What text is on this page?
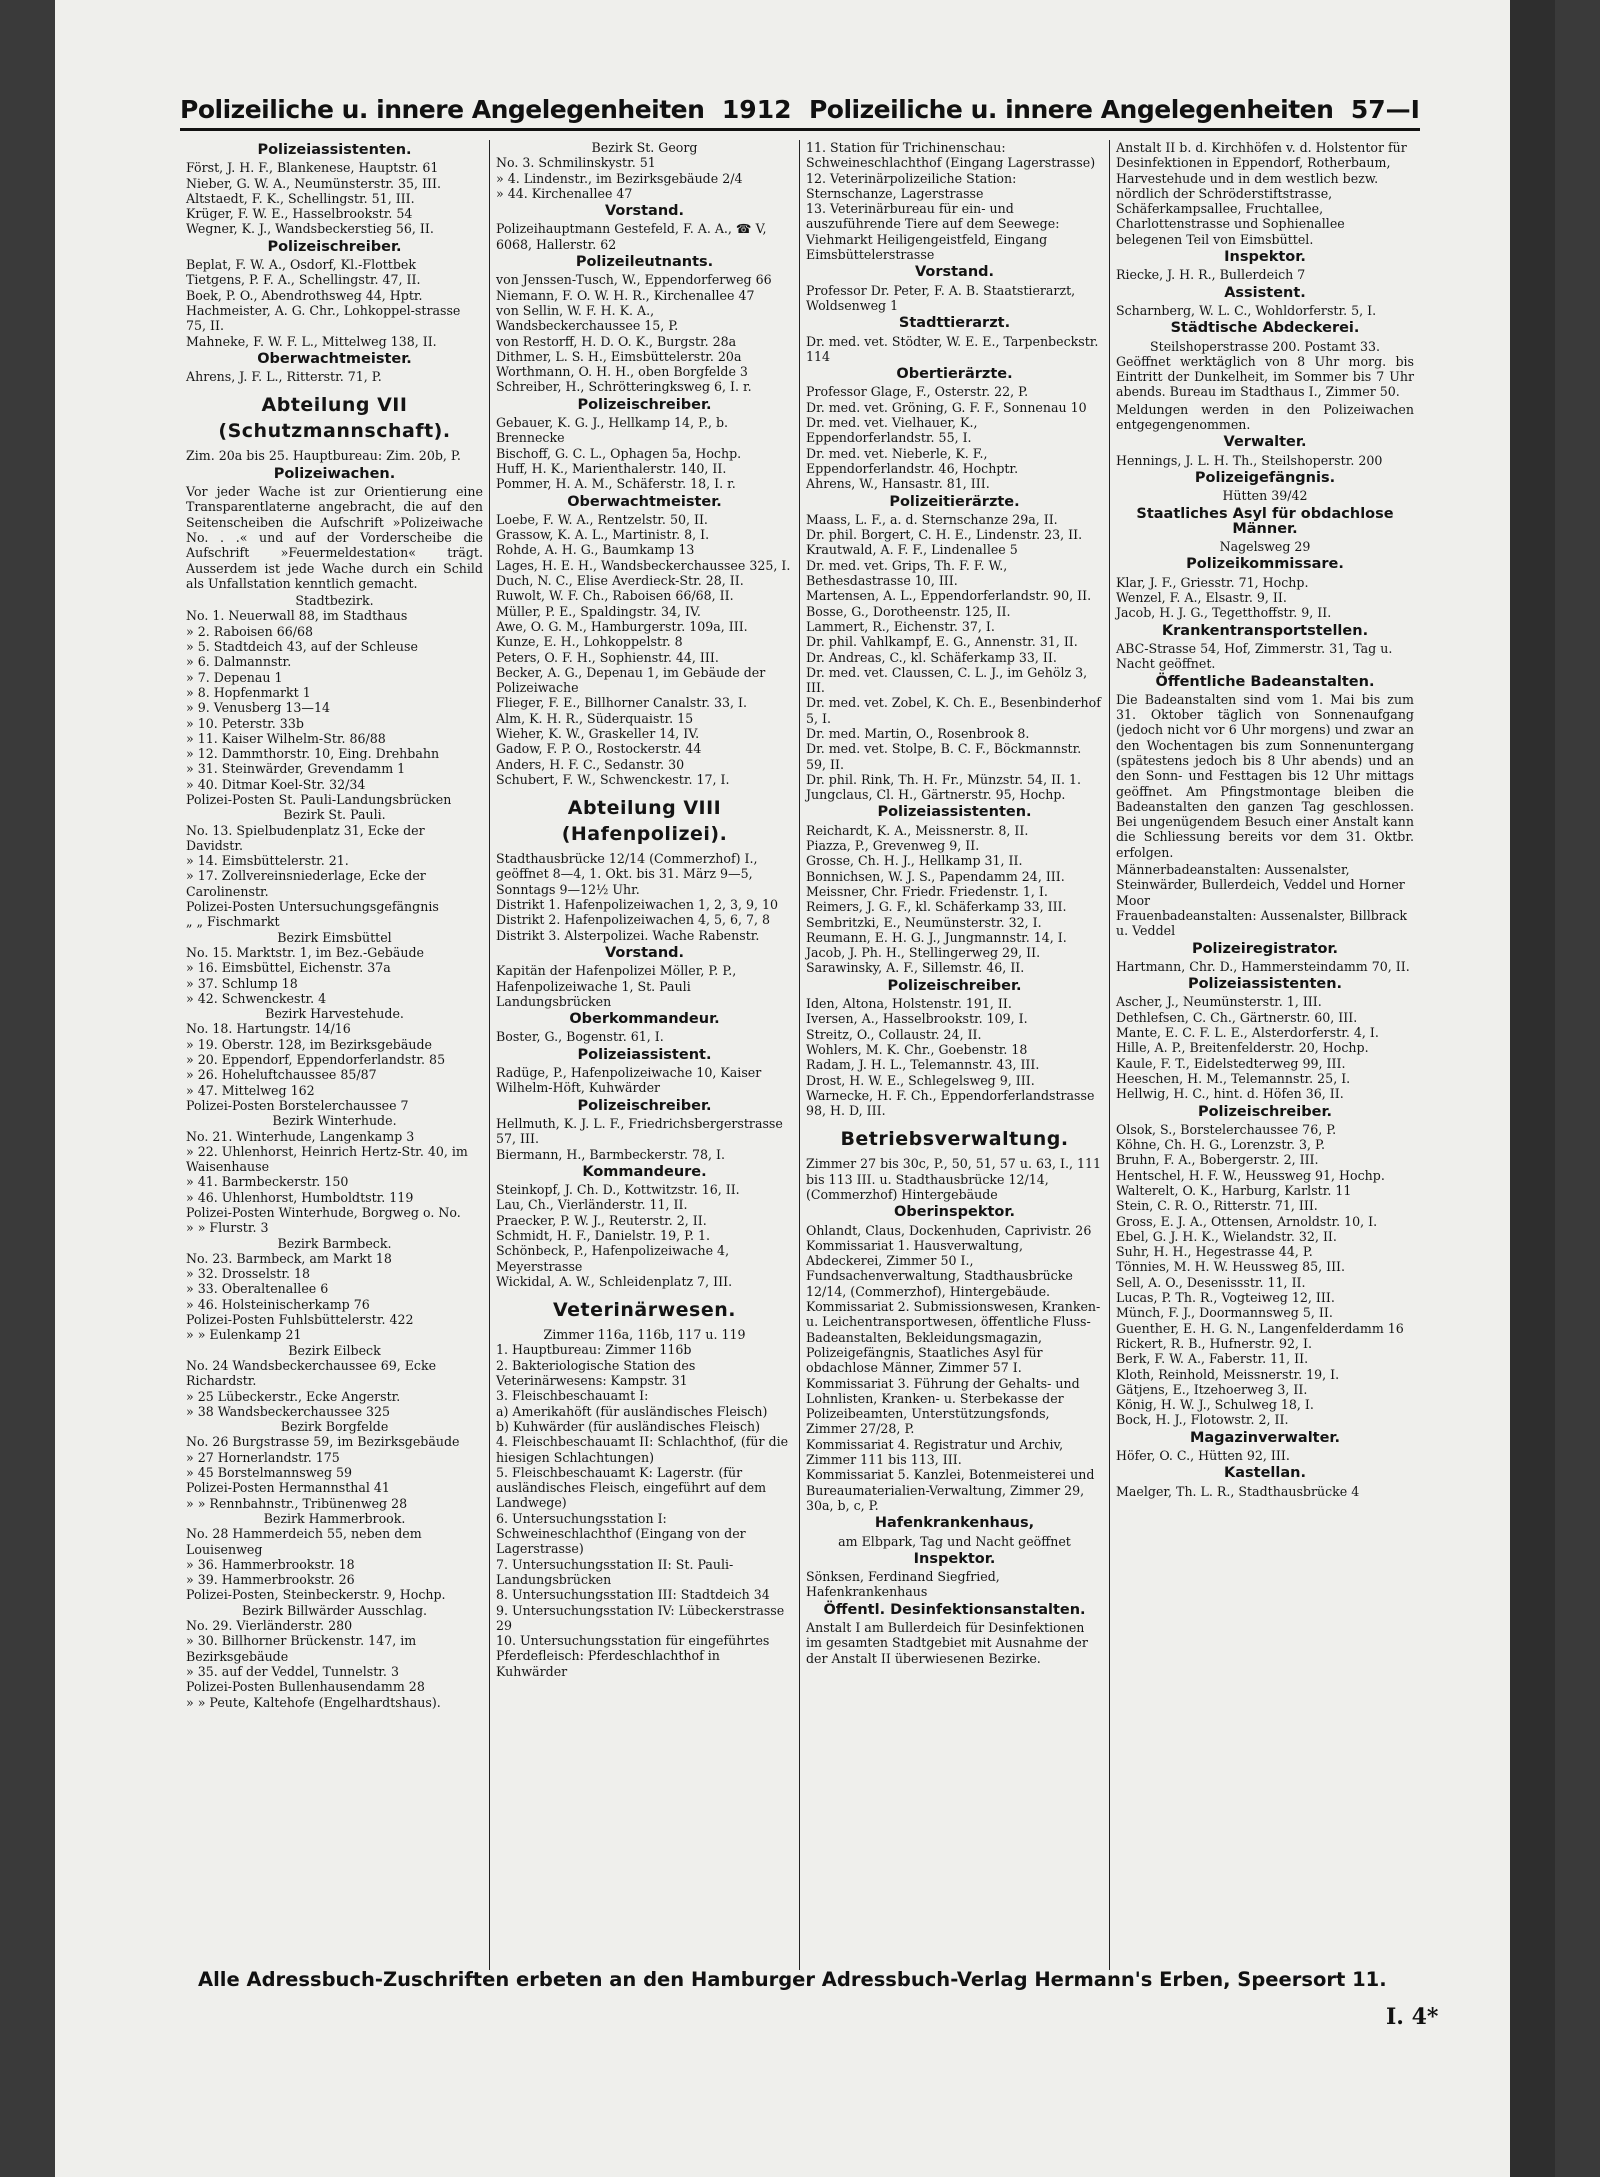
Polizeiliche u. innere Angelegenheiten 1912 Polizeiliche u. innere Angelegenheiten 57—I
Polizeiassistenten.
Först, J. H. F., Blankenese, Hauptstr. 61
Nieber, G. W. A., Neumünsterstr. 35, III.
Altstaedt, F. K., Schellingstr. 51, III.
Krüger, F. W. E., Hasselbrookstr. 54
Wegner, K. J., Wandsbeckerstieg 56, II.
Polizeischreiber.
Beplat, F. W. A., Osdorf, Kl.-Flottbek
Tietgens, P. F. A., Schellingstr. 47, II.
Boek, P. O., Abendrothsweg 44, Hptr.
Hachmeister, A. G. Chr., Lohkoppel-strasse 75, II.
Mahneke, F. W. F. L., Mittelweg 138, II.
Oberwachtmeister.
Ahrens, J. F. L., Ritterstr. 71, P.
Abteilung VII (Schutzmannschaft).
Zim. 20a bis 25. Hauptbureau: Zim. 20b, P.
Polizeiwachen.
Vor jeder Wache ist zur Orientierung eine Transparentlaterne angebracht, die auf den Seitenscheiben die Aufschrift »Polizeiwache No. . .« und auf der Vorderscheibe die Aufschrift »Feuermeldestation« trägt. Ausserdem ist jede Wache durch ein Schild als Unfallstation kenntlich gemacht.
Stadtbezirk.
No. 1. Neuerwall 88, im Stadthaus
» 2. Raboisen 66/68
» 5. Stadtdeich 43, auf der Schleuse
» 6. Dalmannstr.
» 7. Depenau 1
» 8. Hopfenmarkt 1
» 9. Venusberg 13—14
» 10. Peterstr. 33b
» 11. Kaiser Wilhelm-Str. 86/88
» 12. Dammthorstr. 10, Eing. Drehbahn
» 31. Steinwärder, Grevendamm 1
» 40. Ditmar Koel-Str. 32/34
Polizei-Posten St. Pauli-Landungsbrücken
Bezirk St. Pauli.
No. 13. Spielbudenplatz 31, Ecke der Davidstr.
» 14. Eimsbüttelerstr. 21.
» 17. Zollvereinsniederlage, Ecke der Carolinenstr.
Polizei-Posten Untersuchungsgefängnis
„ „ Fischmarkt
Bezirk Eimsbüttel
No. 15. Marktstr. 1, im Bez.-Gebäude
» 16. Eimsbüttel, Eichenstr. 37a
» 37. Schlump 18
» 42. Schwenckestr. 4
Bezirk Harvestehude.
No. 18. Hartungstr. 14/16
» 19. Oberstr. 128, im Bezirksgebäude
» 20. Eppendorf, Eppendorferlandstr. 85
» 26. Hoheluftchaussee 85/87
» 47. Mittelweg 162
Polizei-Posten Borstelerchaussee 7
Bezirk Winterhude.
No. 21. Winterhude, Langenkamp 3
» 22. Uhlenhorst, Heinrich Hertz-Str. 40, im Waisenhause
» 41. Barmbeckerstr. 150
» 46. Uhlenhorst, Humboldtstr. 119
Polizei-Posten Winterhude, Borgweg o. No.
» » Flurstr. 3
Bezirk Barmbeck.
No. 23. Barmbeck, am Markt 18
» 32. Drosselstr. 18
» 33. Oberaltenallee 6
» 46. Holsteinischerkamp 76
Polizei-Posten Fuhlsbüttelerstr. 422
» » Eulenkamp 21
Bezirk Eilbeck
No. 24 Wandsbeckerchaussee 69, Ecke Richardstr.
» 25 Lübeckerstr., Ecke Angerstr.
» 38 Wandsbeckerchaussee 325
Bezirk Borgfelde
No. 26 Burgstrasse 59, im Bezirksgebäude
» 27 Hornerlandstr. 175
» 45 Borstelmannsweg 59
Polizei-Posten Hermannsthal 41
» » Rennbahnstr., Tribünenweg 28
Bezirk Hammerbrook.
No. 28 Hammerdeich 55, neben dem Louisenweg
» 36. Hammerbrookstr. 18
» 39. Hammerbrookstr. 26
Polizei-Posten, Steinbeckerstr. 9, Hochp.
Bezirk Billwärder Ausschlag.
No. 29. Vierländerstr. 280
» 30. Billhorner Brückenstr. 147, im Bezirksgebäude
» 35. auf der Veddel, Tunnelstr. 3
Polizei-Posten Bullenhausendamm 28
» » Peute, Kaltehofe (Engelhardtshaus).
Bezirk St. Georg
No. 3. Schmilinskystr. 51
» 4. Lindenstr., im Bezirksgebäude 2/4
» 44. Kirchenallee 47
Vorstand.
Polizeihauptmann Gestefeld, F. A. A., ☎ V, 6068, Hallerstr. 62
Polizeileutnants.
von Jenssen-Tusch, W., Eppendorferweg 66
Niemann, F. O. W. H. R., Kirchenallee 47
von Sellin, W. F. H. K. A., Wandsbeckerchaussee 15, P.
von Restorff, H. D. O. K., Burgstr. 28a
Dithmer, L. S. H., Eimsbüttelerstr. 20a
Worthmann, O. H. H., oben Borgfelde 3
Schreiber, H., Schrötteringksweg 6, I. r.
Polizeischreiber.
Gebauer, K. G. J., Hellkamp 14, P., b. Brennecke
Bischoff, G. C. L., Ophagen 5a, Hochp.
Huff, H. K., Marienthalerstr. 140, II.
Pommer, H. A. M., Schäferstr. 18, I. r.
Oberwachtmeister.
Loebe, F. W. A., Rentzelstr. 50, II.
Grassow, K. A. L., Martinistr. 8, I.
Rohde, A. H. G., Baumkamp 13
Lages, H. E. H., Wandsbeckerchaussee 325, I.
Duch, N. C., Elise Averdieck-Str. 28, II.
Ruwolt, W. F. Ch., Raboisen 66/68, II.
Müller, P. E., Spaldingstr. 34, IV.
Awe, O. G. M., Hamburgerstr. 109a, III.
Kunze, E. H., Lohkoppelstr. 8
Peters, O. F. H., Sophienstr. 44, III.
Becker, A. G., Depenau 1, im Gebäude der Polizeiwache
Flieger, F. E., Billhorner Canalstr. 33, I.
Alm, K. H. R., Süderquaistr. 15
Wieher, K. W., Graskeller 14, IV.
Gadow, F. P. O., Rostockerstr. 44
Anders, H. F. C., Sedanstr. 30
Schubert, F. W., Schwenckestr. 17, I.
Abteilung VIII (Hafenpolizei).
Stadthausbrücke 12/14 (Commerzhof) I., geöffnet 8—4, 1. Okt. bis 31. März 9—5, Sonntags 9—12½ Uhr.
Distrikt 1. Hafenpolizeiwachen 1, 2, 3, 9, 10
Distrikt 2. Hafenpolizeiwachen 4, 5, 6, 7, 8
Distrikt 3. Alsterpolizei. Wache Rabenstr.
Vorstand.
Kapitän der Hafenpolizei Möller, P. P., Hafenpolizeiwache 1, St. Pauli Landungsbrücken
Oberkommandeur.
Boster, G., Bogenstr. 61, I.
Polizeiassistent.
Radüge, P., Hafenpolizeiwache 10, Kaiser Wilhelm-Höft, Kuhwärder
Polizeischreiber.
Hellmuth, K. J. L. F., Friedrichsbergerstrasse 57, III.
Biermann, H., Barmbeckerstr. 78, I.
Kommandeure.
Steinkopf, J. Ch. D., Kottwitzstr. 16, II.
Lau, Ch., Vierländerstr. 11, II.
Praecker, P. W. J., Reuterstr. 2, II.
Schmidt, H. F., Danielstr. 19, P. 1.
Schönbeck, P., Hafenpolizeiwache 4, Meyerstrasse
Wickidal, A. W., Schleidenplatz 7, III.
Veterinärwesen.
Zimmer 116a, 116b, 117 u. 119
1. Hauptbureau: Zimmer 116b
2. Bakteriologische Station des Veterinärwesens: Kampstr. 31
3. Fleischbeschauamt I:
a) Amerikahöft (für ausländisches Fleisch)
b) Kuhwärder (für ausländisches Fleisch)
4. Fleischbeschauamt II: Schlachthof, (für die hiesigen Schlachtungen)
5. Fleischbeschauamt K: Lagerstr. (für ausländisches Fleisch, eingeführt auf dem Landwege)
6. Untersuchungsstation I: Schweineschlachthof (Eingang von der Lagerstrasse)
7. Untersuchungsstation II: St. Pauli-Landungsbrücken
8. Untersuchungsstation III: Stadtdeich 34
9. Untersuchungsstation IV: Lübeckerstrasse 29
10. Untersuchungsstation für eingeführtes Pferdefleisch: Pferdeschlachthof in Kuhwärder
11. Station für Trichinenschau: Schweineschlachthof (Eingang Lagerstrasse)
12. Veterinärpolizeiliche Station: Sternschanze, Lagerstrasse
13. Veterinärbureau für ein- und auszuführende Tiere auf dem Seewege: Viehmarkt Heiligengeistfeld, Eingang Eimsbüttelerstrasse
Vorstand.
Professor Dr. Peter, F. A. B. Staatstierarzt, Woldsenweg 1
Stadttierarzt.
Dr. med. vet. Stödter, W. E. E., Tarpenbeckstr. 114
Obertierärzte.
Professor Glage, F., Osterstr. 22, P.
Dr. med. vet. Gröning, G. F. F., Sonnenau 10
Dr. med. vet. Vielhauer, K., Eppendorferlandstr. 55, I.
Dr. med. vet. Nieberle, K. F., Eppendorferlandstr. 46, Hochptr.
Ahrens, W., Hansastr. 81, III.
Polizeitierärzte.
Maass, L. F., a. d. Sternschanze 29a, II.
Dr. phil. Borgert, C. H. E., Lindenstr. 23, II.
Krautwald, A. F. F., Lindenallee 5
Dr. med. vet. Grips, Th. F. F. W., Bethesdastrasse 10, III.
Martensen, A. L., Eppendorferlandstr. 90, II.
Bosse, G., Dorotheenstr. 125, II.
Lammert, R., Eichenstr. 37, I.
Dr. phil. Vahlkampf, E. G., Annenstr. 31, II.
Dr. Andreas, C., kl. Schäferkamp 33, II.
Dr. med. vet. Claussen, C. L. J., im Gehölz 3, III.
Dr. med. vet. Zobel, K. Ch. E., Besenbinderhof 5, I.
Dr. med. Martin, O., Rosenbrook 8.
Dr. med. vet. Stolpe, B. C. F., Böckmannstr. 59, II.
Dr. phil. Rink, Th. H. Fr., Münzstr. 54, II. 1.
Jungclaus, Cl. H., Gärtnerstr. 95, Hochp.
Polizeiassistenten.
Reichardt, K. A., Meissnerstr. 8, II.
Piazza, P., Grevenweg 9, II.
Grosse, Ch. H. J., Hellkamp 31, II.
Bonnichsen, W. J. S., Papendamm 24, III.
Meissner, Chr. Friedr. Friedenstr. 1, I.
Reimers, J. G. F., kl. Schäferkamp 33, III.
Sembritzki, E., Neumünsterstr. 32, I.
Reumann, E. H. G. J., Jungmannstr. 14, I.
Jacob, J. Ph. H., Stellingerweg 29, II.
Sarawinsky, A. F., Sillemstr. 46, II.
Polizeischreiber.
Iden, Altona, Holstenstr. 191, II.
Iversen, A., Hasselbrookstr. 109, I.
Streitz, O., Collaustr. 24, II.
Wohlers, M. K. Chr., Goebenstr. 18
Radam, J. H. L., Telemannstr. 43, III.
Drost, H. W. E., Schlegelsweg 9, III.
Warnecke, H. F. Ch., Eppendorferlandstrasse 98, H. D, III.
Betriebsverwaltung.
Zimmer 27 bis 30c, P., 50, 51, 57 u. 63, I., 111 bis 113 III. u. Stadthausbrücke 12/14, (Commerzhof) Hintergebäude
Oberinspektor.
Ohlandt, Claus, Dockenhuden, Caprivistr. 26
Kommissariat 1. Hausverwaltung, Abdeckerei, Zimmer 50 I., Fundsachenverwaltung, Stadthausbrücke 12/14, (Commerzhof), Hintergebäude.
Kommissariat 2. Submissionswesen, Kranken- u. Leichentransportwesen, öffentliche Fluss-Badeanstalten, Bekleidungsmagazin, Polizeigefängnis, Staatliches Asyl für obdachlose Männer, Zimmer 57 I.
Kommissariat 3. Führung der Gehalts- und Lohnlisten, Kranken- u. Sterbekasse der Polizeibeamten, Unterstützungsfonds, Zimmer 27/28, P.
Kommissariat 4. Registratur und Archiv, Zimmer 111 bis 113, III.
Kommissariat 5. Kanzlei, Botenmeisterei und Bureaumaterialien-Verwaltung, Zimmer 29, 30a, b, c, P.
Hafenkrankenhaus,
am Elbpark, Tag und Nacht geöffnet
Inspektor.
Sönksen, Ferdinand Siegfried, Hafenkrankenhaus
Öffentl. Desinfektionsanstalten.
Anstalt I am Bullerdeich für Desinfektionen im gesamten Stadtgebiet mit Ausnahme der der Anstalt II überwiesenen Bezirke.
Anstalt II b. d. Kirchhöfen v. d. Holstentor für Desinfektionen in Eppendorf, Rotherbaum, Harvestehude und in dem westlich bezw. nördlich der Schröderstiftstrasse, Schäferkampsallee, Fruchtallee, Charlottenstrasse und Sophienallee belegenen Teil von Eimsbüttel.
Inspektor.
Riecke, J. H. R., Bullerdeich 7
Assistent.
Scharnberg, W. L. C., Wohldorferstr. 5, I.
Städtische Abdeckerei.
Steilshoperstrasse 200. Postamt 33.
Geöffnet werktäglich von 8 Uhr morg. bis Eintritt der Dunkelheit, im Sommer bis 7 Uhr abends. Bureau im Stadthaus I., Zimmer 50.
Meldungen werden in den Polizeiwachen entgegengenommen.
Verwalter.
Hennings, J. L. H. Th., Steilshoperstr. 200
Polizeigefängnis.
Hütten 39/42
Staatliches Asyl für obdachlose Männer.
Nagelsweg 29
Polizeikommissare.
Klar, J. F., Griesstr. 71, Hochp.
Wenzel, F. A., Elsastr. 9, II.
Jacob, H. J. G., Tegetthoffstr. 9, II.
Krankentransportstellen.
ABC-Strasse 54, Hof, Zimmerstr. 31, Tag u. Nacht geöffnet.
Öffentliche Badeanstalten.
Die Badeanstalten sind vom 1. Mai bis zum 31. Oktober täglich von Sonnenaufgang (jedoch nicht vor 6 Uhr morgens) und zwar an den Wochentagen bis zum Sonnenuntergang (spätestens jedoch bis 8 Uhr abends) und an den Sonn- und Festtagen bis 12 Uhr mittags geöffnet. Am Pfingstmontage bleiben die Badeanstalten den ganzen Tag geschlossen. Bei ungenügendem Besuch einer Anstalt kann die Schliessung bereits vor dem 31. Oktbr. erfolgen.
Männerbadeanstalten: Aussenalster, Steinwärder, Bullerdeich, Veddel und Horner Moor
Frauenbadeanstalten: Aussenalster, Billbrack u. Veddel
Polizeiregistrator.
Hartmann, Chr. D., Hammersteindamm 70, II.
Polizeiassistenten.
Ascher, J., Neumünsterstr. 1, III.
Dethlefsen, C. Ch., Gärtnerstr. 60, III.
Mante, E. C. F. L. E., Alsterdorferstr. 4, I.
Hille, A. P., Breitenfelderstr. 20, Hochp.
Kaule, F. T., Eidelstedterweg 99, III.
Heeschen, H. M., Telemannstr. 25, I.
Hellwig, H. C., hint. d. Höfen 36, II.
Polizeischreiber.
Olsok, S., Borstelerchaussee 76, P.
Köhne, Ch. H. G., Lorenzstr. 3, P.
Bruhn, F. A., Bobergerstr. 2, III.
Hentschel, H. F. W., Heussweg 91, Hochp.
Walterelt, O. K., Harburg, Karlstr. 11
Stein, C. R. O., Ritterstr. 71, III.
Gross, E. J. A., Ottensen, Arnoldstr. 10, I.
Ebel, G. J. H. K., Wielandstr. 32, II.
Suhr, H. H., Hegestrasse 44, P.
Tönnies, M. H. W. Heussweg 85, III.
Sell, A. O., Desenissstr. 11, II.
Lucas, P. Th. R., Vogteiweg 12, III.
Münch, F. J., Doormannsweg 5, II.
Guenther, E. H. G. N., Langenfelderdamm 16
Rickert, R. B., Hufnerstr. 92, I.
Berk, F. W. A., Faberstr. 11, II.
Kloth, Reinhold, Meissnerstr. 19, I.
Gätjens, E., Itzehoerweg 3, II.
König, H. W. J., Schulweg 18, I.
Bock, H. J., Flotowstr. 2, II.
Magazinverwalter.
Höfer, O. C., Hütten 92, III.
Kastellan.
Maelger, Th. L. R., Stadthausbrücke 4
Alle Adressbuch-Zuschriften erbeten an den Hamburger Adressbuch-Verlag Hermann's Erben, Speersort 11.
I. 4*
